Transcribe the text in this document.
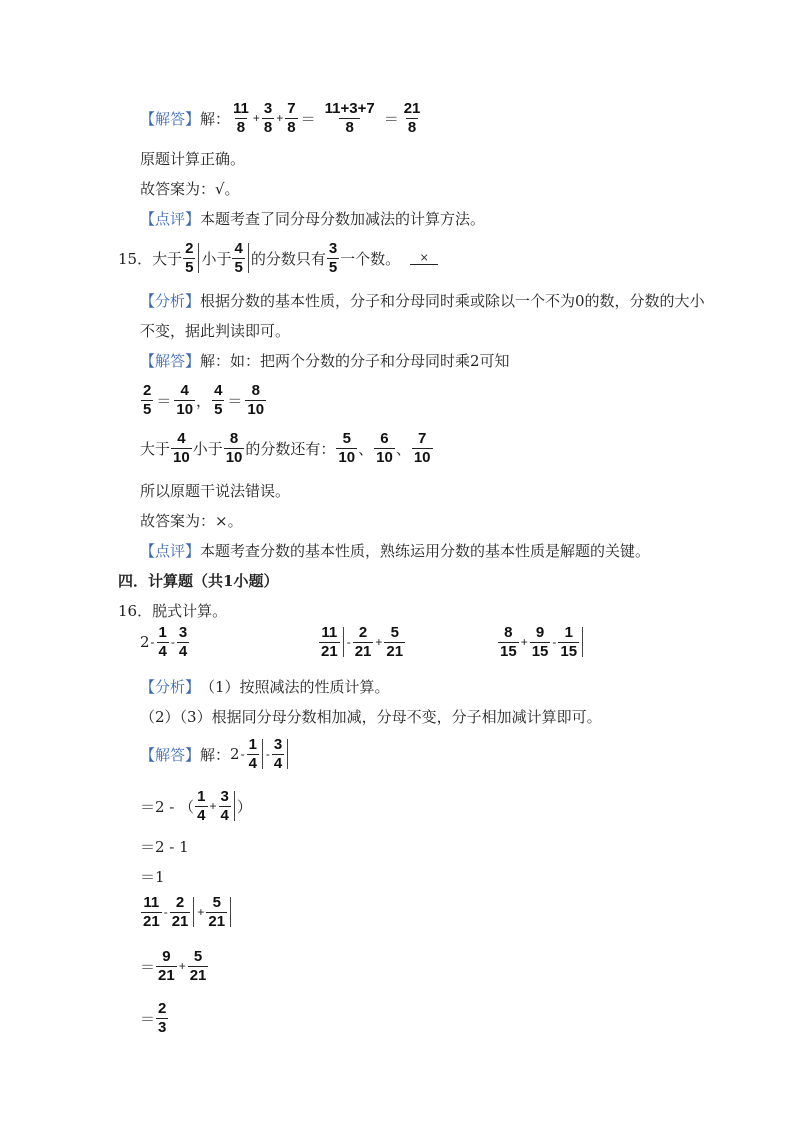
【解答】 解： $\frac{11}{8} + \frac{3}{8} + \frac{7}{8} = \frac{11+3+7}{8} = \frac{21}{8}$
原题计算正确。
故答案为：√。
【点评】 本题考查了同分母分数加减法的计算方法。
15． 大于 $\frac{2}{5}$ 小于 $\frac{4}{5}$ 的分数只有 $\frac{3}{5}$ 一个数。	×
【分析】 根据分数的基本性质，分子和分母同时乘或除以一个不为0的数，分数的大小
不变，据此判读即可。
【解答】 解：如：把两个分数的分子和分母同时乘2可知
$\frac{2}{5} = \frac{4}{10}$ ， $\frac{4}{5} = \frac{8}{10}$
大于 $\frac{4}{10}$ 小于 $\frac{8}{10}$ 的分数还有： $\frac{5}{10}$ 、 $\frac{6}{10}$ 、 $\frac{7}{10}$
所以原题干说法错误。
故答案为：×。
【点评】 本题考查分数的基本性质，熟练运用分数的基本性质是解题的关键。
四．计算题（共1小题）
16． 脱式计算。
$2 - \frac{1}{4} - \frac{3}{4}$	$\frac{11}{21} - \frac{2}{21} + \frac{5}{21}$	$\frac{8}{15} + \frac{9}{15} - \frac{1}{15}$
【分析】 （1）按照减法的性质计算。
（2）（3）根据同分母分数相加减，分母不变，分子相加减计算即可。
【解答】 解： $2 - \frac{1}{4} - \frac{3}{4}$
＝2 - （ $\frac{1}{4} + \frac{3}{4}$ ）
＝2 - 1
＝1
$\frac{11}{21} - \frac{2}{21} + \frac{5}{21}$
＝ $\frac{9}{21} + \frac{5}{21}$
＝ $\frac{2}{3}$
